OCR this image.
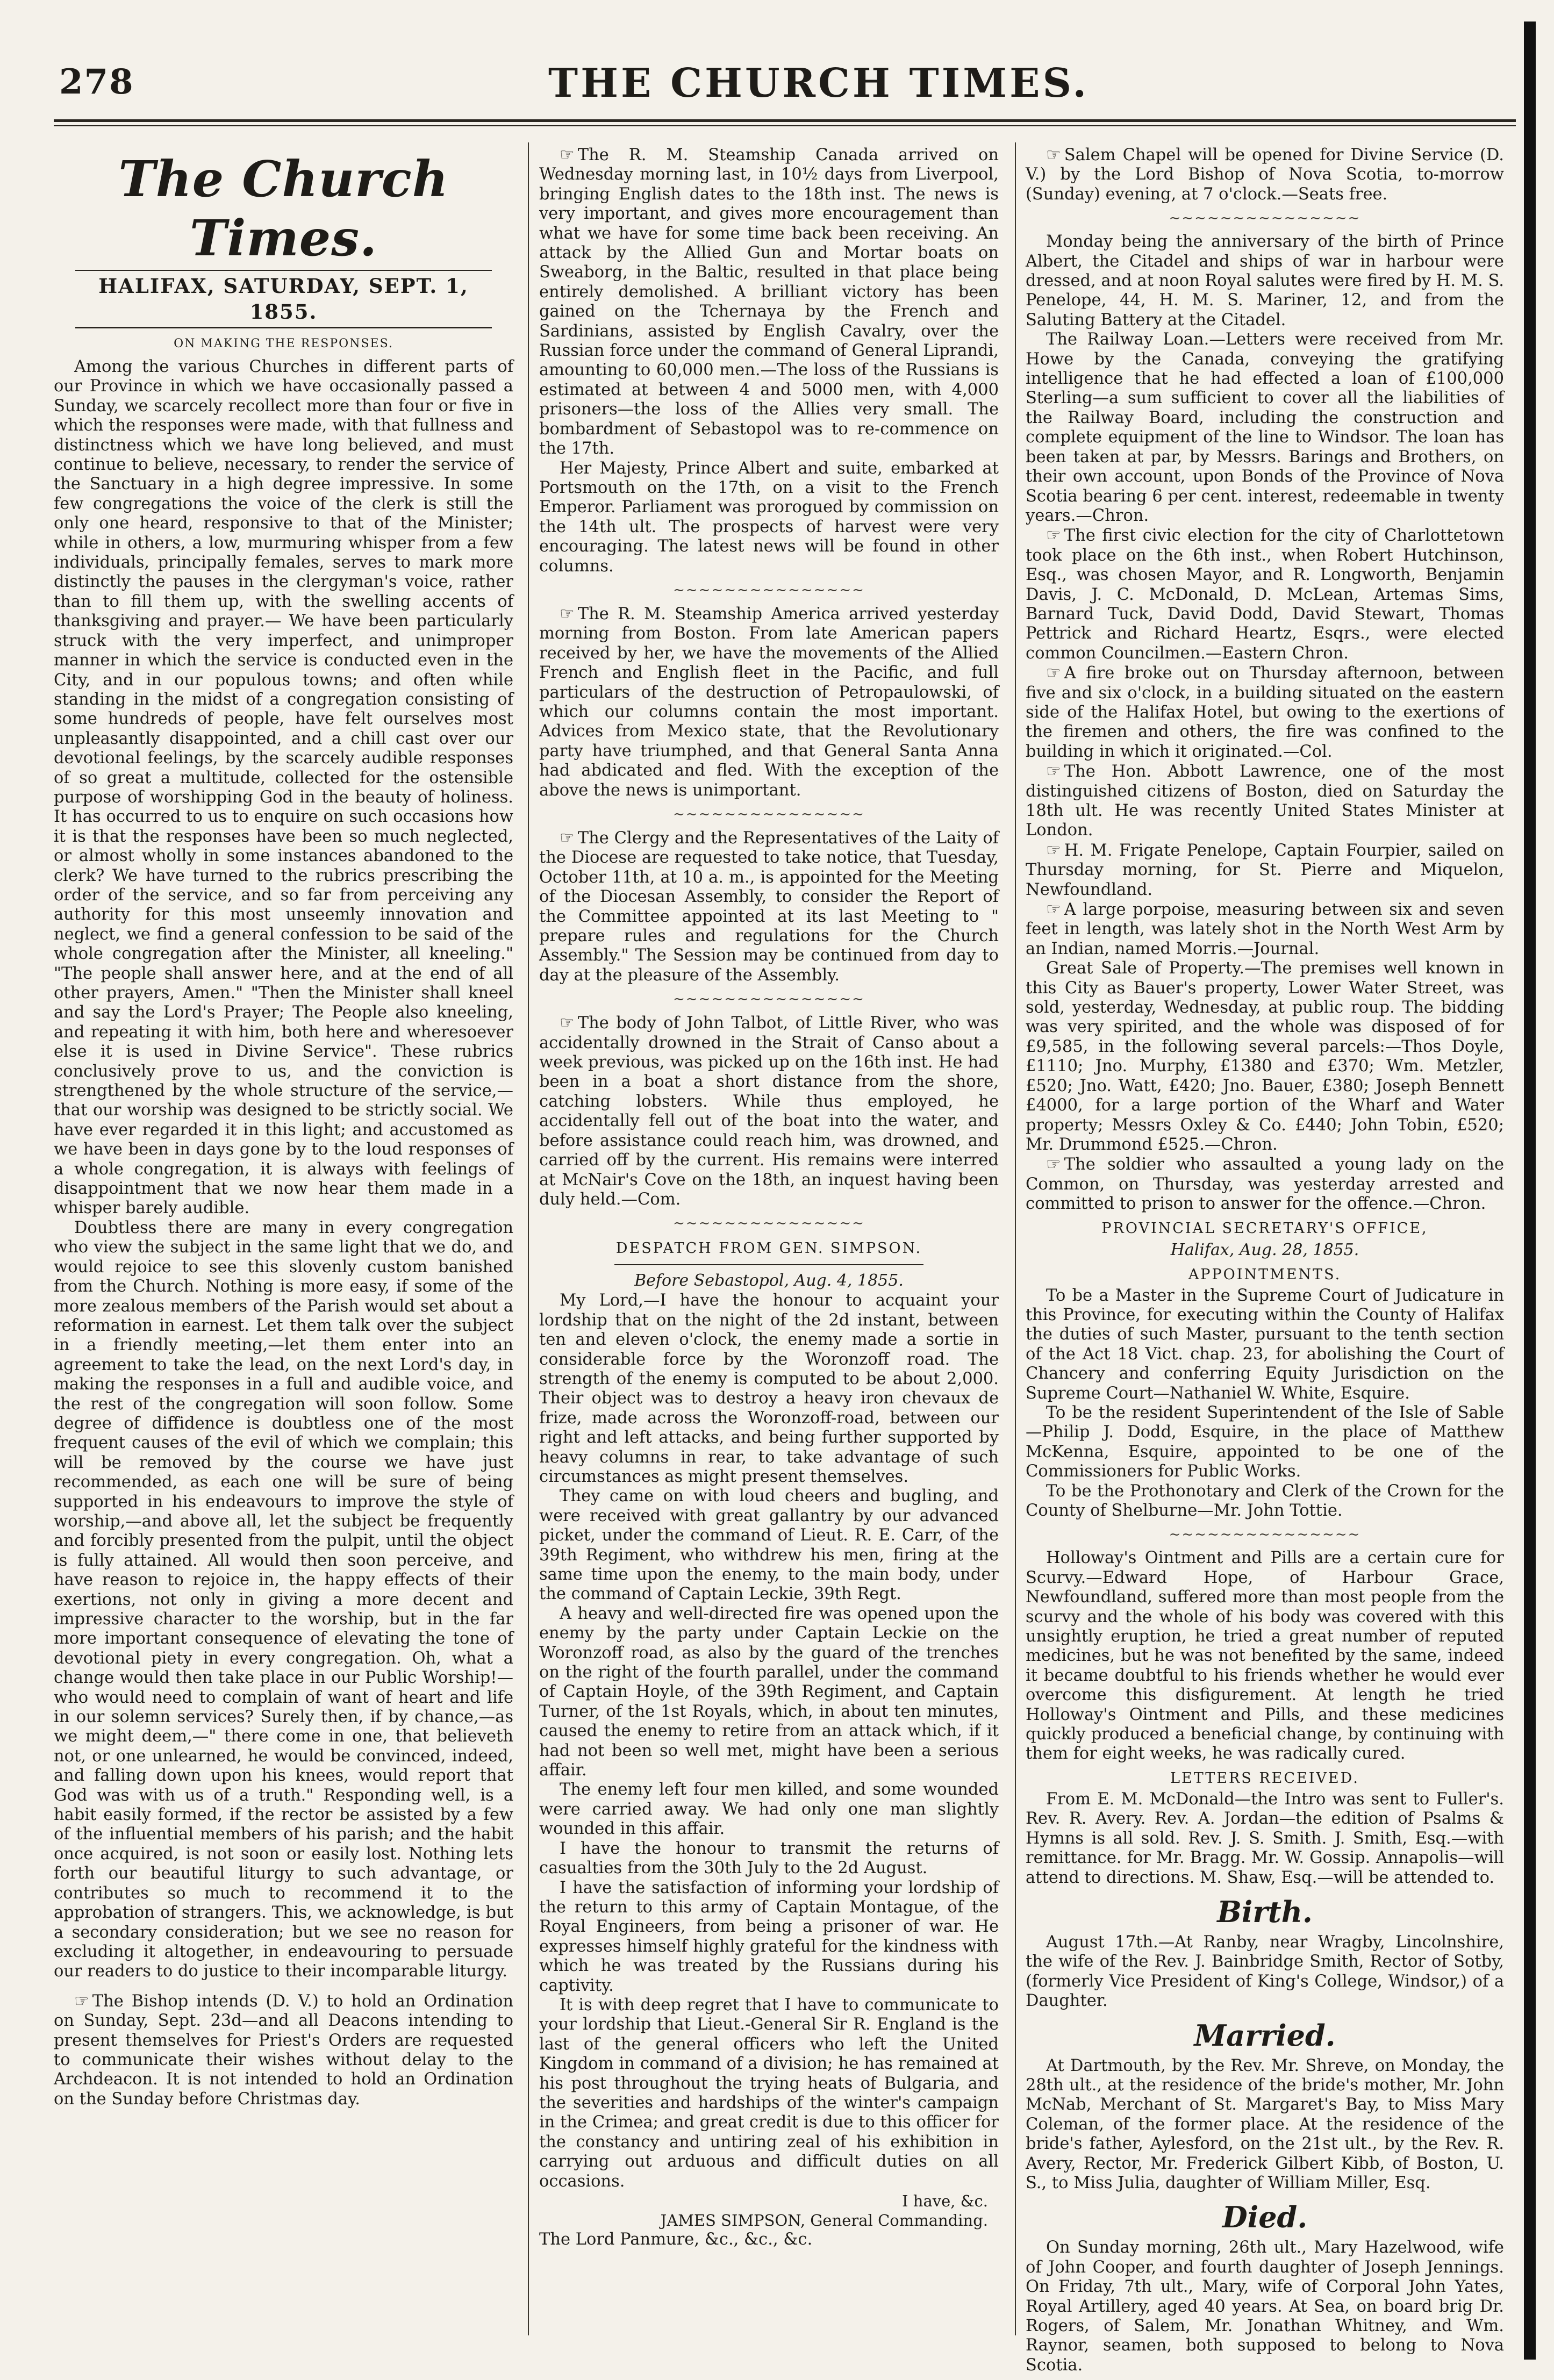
278	THE CHURCH TIMES.
The Church Times.
HALIFAX, SATURDAY, SEPT. 1, 1855.
ON MAKING THE RESPONSES.

Among the various Churches in different parts of our Province in which we have occasionally passed a Sunday, we scarcely recollect more than four or five in which the responses were made, with that fullness and distinctness which we have long believed, and must continue to believe, necessary, to render the service of the Sanctuary in a high degree impressive. In some few congregations the voice of the clerk is still the only one heard, responsive to that of the Minister; while in others, a low, murmuring whisper from a few individuals, principally females, serves to mark more distinctly the pauses in the clergyman's voice, rather than to fill them up, with the swelling accents of thanksgiving and prayer.— We have been particularly struck with the very imperfect, and unimproper manner in which the service is conducted even in the City, and in our populous towns; and often while standing in the midst of a congregation consisting of some hundreds of people, have felt ourselves most unpleasantly disappointed, and a chill cast over our devotional feelings, by the scarcely audible responses of so great a multitude, collected for the ostensible purpose of worshipping God in the beauty of holiness. It has occurred to us to enquire on such occasions how it is that the responses have been so much neglected, or almost wholly in some instances abandoned to the clerk? We have turned to the rubrics prescribing the order of the service, and so far from perceiving any authority for this most unseemly innovation and neglect, we find a general confession to be said of the whole congregation after the Minister, all kneeling." "The people shall answer here, and at the end of all other prayers, Amen." "Then the Minister shall kneel and say the Lord's Prayer; The People also kneeling, and repeating it with him, both here and wheresoever else it is used in Divine Service". These rubrics conclusively prove to us, and the conviction is strengthened by the whole structure of the service,—that our worship was designed to be strictly social. We have ever regarded it in this light; and accustomed as we have been in days gone by to the loud responses of a whole congregation, it is always with feelings of disappointment that we now hear them made in a whisper barely audible.

Doubtless there are many in every congregation who view the subject in the same light that we do, and would rejoice to see this slovenly custom banished from the Church. Nothing is more easy, if some of the more zealous members of the Parish would set about a reformation in earnest. Let them talk over the subject in a friendly meeting,—let them enter into an agreement to take the lead, on the next Lord's day, in making the responses in a full and audible voice, and the rest of the congregation will soon follow. Some degree of diffidence is doubtless one of the most frequent causes of the evil of which we complain; this will be removed by the course we have just recommended, as each one will be sure of being supported in his endeavours to improve the style of worship,—and above all, let the subject be frequently and forcibly presented from the pulpit, until the object is fully attained. All would then soon perceive, and have reason to rejoice in, the happy effects of their exertions, not only in giving a more decent and impressive character to the worship, but in the far more important consequence of elevating the tone of devotional piety in every congregation. Oh, what a change would then take place in our Public Worship!—who would need to complain of want of heart and life in our solemn services? Surely then, if by chance,—as we might deem,—" there come in one, that believeth not, or one unlearned, he would be convinced, indeed, and falling down upon his knees, would report that God was with us of a truth." Responding well, is a habit easily formed, if the rector be assisted by a few of the influential members of his parish; and the habit once acquired, is not soon or easily lost. Nothing lets forth our beautiful liturgy to such advantage, or contributes so much to recommend it to the approbation of strangers. This, we acknowledge, is but a secondary consideration; but we see no reason for excluding it altogether, in endeavouring to persuade our readers to do justice to their incomparable liturgy.

☞ The Bishop intends (D. V.) to hold an Ordination on Sunday, Sept. 23d—and all Deacons intending to present themselves for Priest's Orders are requested to communicate their wishes without delay to the Archdeacon. It is not intended to hold an Ordination on the Sunday before Christmas day.

☞ The R. M. Steamship Canada arrived on Wednesday morning last, in 10½ days from Liverpool, bringing English dates to the 18th inst. The news is very important, and gives more encouragement than what we have for some time back been receiving. An attack by the Allied Gun and Mortar boats on Sweaborg, in the Baltic, resulted in that place being entirely demolished. A brilliant victory has been gained on the Tchernaya by the French and Sardinians, assisted by English Cavalry, over the Russian force under the command of General Liprandi, amounting to 60,000 men.—The loss of the Russians is estimated at between 4 and 5000 men, with 4,000 prisoners—the loss of the Allies very small. The bombardment of Sebastopol was to re-commence on the 17th.

Her Majesty, Prince Albert and suite, embarked at Portsmouth on the 17th, on a visit to the French Emperor. Parliament was prorogued by commission on the 14th ult. The prospects of harvest were very encouraging. The latest news will be found in other columns.

~~~~~~~~~~~~~~~

☞ The R. M. Steamship America arrived yesterday morning from Boston. From late American papers received by her, we have the movements of the Allied French and English fleet in the Pacific, and full particulars of the destruction of Petropaulowski, of which our columns contain the most important. Advices from Mexico state, that the Revolutionary party have triumphed, and that General Santa Anna had abdicated and fled. With the exception of the above the news is unimportant.

~~~~~~~~~~~~~~~

☞ The Clergy and the Representatives of the Laity of the Diocese are requested to take notice, that Tuesday, October 11th, at 10 a. m., is appointed for the Meeting of the Diocesan Assembly, to consider the Report of the Committee appointed at its last Meeting to " prepare rules and regulations for the Church Assembly." The Session may be continued from day to day at the pleasure of the Assembly.

~~~~~~~~~~~~~~~

☞ The body of John Talbot, of Little River, who was accidentally drowned in the Strait of Canso about a week previous, was picked up on the 16th inst. He had been in a boat a short distance from the shore, catching lobsters. While thus employed, he accidentally fell out of the boat into the water, and before assistance could reach him, was drowned, and carried off by the current. His remains were interred at McNair's Cove on the 18th, an inquest having been duly held.—Com.

~~~~~~~~~~~~~~~
DESPATCH FROM GEN. SIMPSON.
Before Sebastopol, Aug. 4, 1855.

My Lord,—I have the honour to acquaint your lordship that on the night of the 2d instant, between ten and eleven o'clock, the enemy made a sortie in considerable force by the Woronzoff road. The strength of the enemy is computed to be about 2,000. Their object was to destroy a heavy iron chevaux de frize, made across the Woronzoff-road, between our right and left attacks, and being further supported by heavy columns in rear, to take advantage of such circumstances as might present themselves.

They came on with loud cheers and bugling, and were received with great gallantry by our advanced picket, under the command of Lieut. R. E. Carr, of the 39th Regiment, who withdrew his men, firing at the same time upon the enemy, to the main body, under the command of Captain Leckie, 39th Regt.

A heavy and well-directed fire was opened upon the enemy by the party under Captain Leckie on the Woronzoff road, as also by the guard of the trenches on the right of the fourth parallel, under the command of Captain Hoyle, of the 39th Regiment, and Captain Turner, of the 1st Royals, which, in about ten minutes, caused the enemy to retire from an attack which, if it had not been so well met, might have been a serious affair.

The enemy left four men killed, and some wounded were carried away. We had only one man slightly wounded in this affair.

I have the honour to transmit the returns of casualties from the 30th July to the 2d August.

I have the satisfaction of informing your lordship of the return to this army of Captain Montague, of the Royal Engineers, from being a prisoner of war. He expresses himself highly grateful for the kindness with which he was treated by the Russians during his captivity.

It is with deep regret that I have to communicate to your lordship that Lieut.-General Sir R. England is the last of the general officers who left the United Kingdom in command of a division; he has remained at his post throughout the trying heats of Bulgaria, and the severities and hardships of the winter's campaign in the Crimea; and great credit is due to this officer for the constancy and untiring zeal of his exhibition in carrying out arduous and difficult duties on all occasions.

I have, &c.
JAMES SIMPSON, General Commanding.

The Lord Panmure, &c., &c., &c.

☞ Salem Chapel will be opened for Divine Service (D. V.) by the Lord Bishop of Nova Scotia, to-morrow (Sunday) evening, at 7 o'clock.—Seats free.

~~~~~~~~~~~~~~~

Monday being the anniversary of the birth of Prince Albert, the Citadel and ships of war in harbour were dressed, and at noon Royal salutes were fired by H. M. S. Penelope, 44, H. M. S. Mariner, 12, and from the Saluting Battery at the Citadel.

The Railway Loan.—Letters were received from Mr. Howe by the Canada, conveying the gratifying intelligence that he had effected a loan of £100,000 Sterling—a sum sufficient to cover all the liabilities of the Railway Board, including the construction and complete equipment of the line to Windsor. The loan has been taken at par, by Messrs. Barings and Brothers, on their own account, upon Bonds of the Province of Nova Scotia bearing 6 per cent. interest, redeemable in twenty years.—Chron.

☞ The first civic election for the city of Charlottetown took place on the 6th inst., when Robert Hutchinson, Esq., was chosen Mayor, and R. Longworth, Benjamin Davis, J. C. McDonald, D. McLean, Artemas Sims, Barnard Tuck, David Dodd, David Stewart, Thomas Pettrick and Richard Heartz, Esqrs., were elected common Councilmen.—Eastern Chron.

☞ A fire broke out on Thursday afternoon, between five and six o'clock, in a building situated on the eastern side of the Halifax Hotel, but owing to the exertions of the firemen and others, the fire was confined to the building in which it originated.—Col.

☞ The Hon. Abbott Lawrence, one of the most distinguished citizens of Boston, died on Saturday the 18th ult. He was recently United States Minister at London.

☞ H. M. Frigate Penelope, Captain Fourpier, sailed on Thursday morning, for St. Pierre and Miquelon, Newfoundland.

☞ A large porpoise, measuring between six and seven feet in length, was lately shot in the North West Arm by an Indian, named Morris.—Journal.

Great Sale of Property.—The premises well known in this City as Bauer's property, Lower Water Street, was sold, yesterday, Wednesday, at public roup. The bidding was very spirited, and the whole was disposed of for £9,585, in the following several parcels:—Thos Doyle, £1110; Jno. Murphy, £1380 and £370; Wm. Metzler, £520; Jno. Watt, £420; Jno. Bauer, £380; Joseph Bennett £4000, for a large portion of the Wharf and Water property; Messrs Oxley & Co. £440; John Tobin, £520; Mr. Drummond £525.—Chron.

☞ The soldier who assaulted a young lady on the Common, on Thursday, was yesterday arrested and committed to prison to answer for the offence.—Chron.

PROVINCIAL SECRETARY'S OFFICE,
Halifax, Aug. 28, 1855.
APPOINTMENTS.

To be a Master in the Supreme Court of Judicature in this Province, for executing within the County of Halifax the duties of such Master, pursuant to the tenth section of the Act 18 Vict. chap. 23, for abolishing the Court of Chancery and conferring Equity Jurisdiction on the Supreme Court—Nathaniel W. White, Esquire.

To be the resident Superintendent of the Isle of Sable—Philip J. Dodd, Esquire, in the place of Matthew McKenna, Esquire, appointed to be one of the Commissioners for Public Works.

To be the Prothonotary and Clerk of the Crown for the County of Shelburne—Mr. John Tottie.

~~~~~~~~~~~~~~~

Holloway's Ointment and Pills are a certain cure for Scurvy.—Edward Hope, of Harbour Grace, Newfoundland, suffered more than most people from the scurvy and the whole of his body was covered with this unsightly eruption, he tried a great number of reputed medicines, but he was not benefited by the same, indeed it became doubtful to his friends whether he would ever overcome this disfigurement. At length he tried Holloway's Ointment and Pills, and these medicines quickly produced a beneficial change, by continuing with them for eight weeks, he was radically cured.

LETTERS RECEIVED.

From E. M. McDonald—the Intro was sent to Fuller's. Rev. R. Avery. Rev. A. Jordan—the edition of Psalms & Hymns is all sold. Rev. J. S. Smith. J. Smith, Esq.—with remittance. for Mr. Bragg. Mr. W. Gossip. Annapolis—will attend to directions. M. Shaw, Esq.—will be attended to.

Birth.

August 17th.—At Ranby, near Wragby, Lincolnshire, the wife of the Rev. J. Bainbridge Smith, Rector of Sotby, (formerly Vice President of King's College, Windsor,) of a Daughter.

Married.

At Dartmouth, by the Rev. Mr. Shreve, on Monday, the 28th ult., at the residence of the bride's mother, Mr. John McNab, Merchant of St. Margaret's Bay, to Miss Mary Coleman, of the former place. At the residence of the bride's father, Aylesford, on the 21st ult., by the Rev. R. Avery, Rector, Mr. Frederick Gilbert Kibb, of Boston, U. S., to Miss Julia, daughter of William Miller, Esq.

Died.

On Sunday morning, 26th ult., Mary Hazelwood, wife of John Cooper, and fourth daughter of Joseph Jennings. On Friday, 7th ult., Mary, wife of Corporal John Yates, Royal Artillery, aged 40 years. At Sea, on board brig Dr. Rogers, of Salem, Mr. Jonathan Whitney, and Wm. Raynor, seamen, both supposed to belong to Nova Scotia.
